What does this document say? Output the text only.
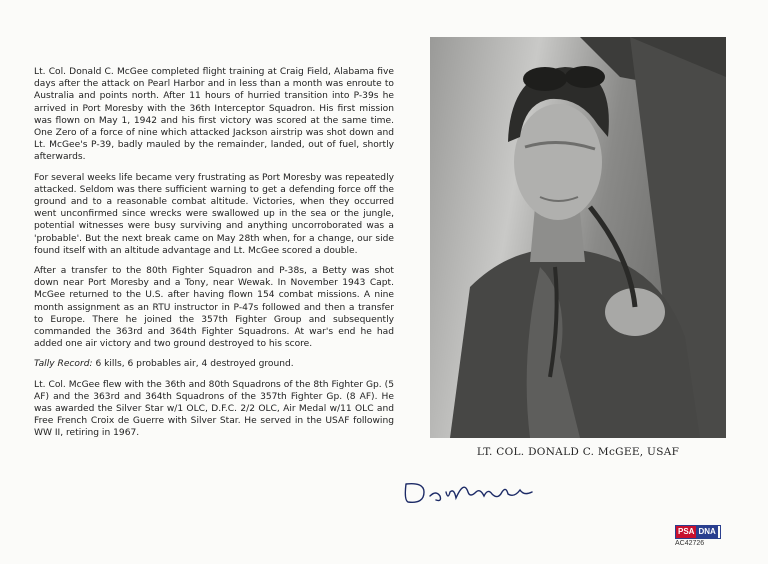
Lt. Col. Donald C. McGee completed flight training at Craig Field, Alabama five days after the attack on Pearl Harbor and in less than a month was enroute to Australia and points north. After 11 hours of hurried transition into P-39s he arrived in Port Moresby with the 36th Interceptor Squadron. His first mission was flown on May 1, 1942 and his first victory was scored at the same time. One Zero of a force of nine which attacked Jackson airstrip was shot down and Lt. McGee's P-39, badly mauled by the remainder, landed, out of fuel, shortly afterwards.

For several weeks life became very frustrating as Port Moresby was repeatedly attacked. Seldom was there sufficient warning to get a defending force off the ground and to a reasonable combat altitude. Victories, when they occurred went unconfirmed since wrecks were swallowed up in the sea or the jungle, potential witnesses were busy surviving and anything uncorroborated was a 'probable'. But the next break came on May 28th when, for a change, our side found itself with an altitude advantage and Lt. McGee scored a double.

After a transfer to the 80th Fighter Squadron and P-38s, a Betty was shot down near Port Moresby and a Tony, near Wewak. In November 1943 Capt. McGee returned to the U.S. after having flown 154 combat missions. A nine month assignment as an RTU instructor in P-47s followed and then a transfer to Europe. There he joined the 357th Fighter Group and subsequently commanded the 363rd and 364th Fighter Squadrons. At war's end he had added one air victory and two ground destroyed to his score.

Tally Record: 6 kills, 6 probables air, 4 destroyed ground.

Lt. Col. McGee flew with the 36th and 80th Squadrons of the 8th Fighter Gp. (5 AF) and the 363rd and 364th Squadrons of the 357th Fighter Gp. (8 AF). He was awarded the Silver Star w/1 OLC, D.F.C. 2/2 OLC, Air Medal w/11 OLC and Free French Croix de Guerre with Silver Star. He served in the USAF following WW II, retiring in 1967.

LT. COL. DONALD C. McGEE, USAF
PSA DNA
AC42726
